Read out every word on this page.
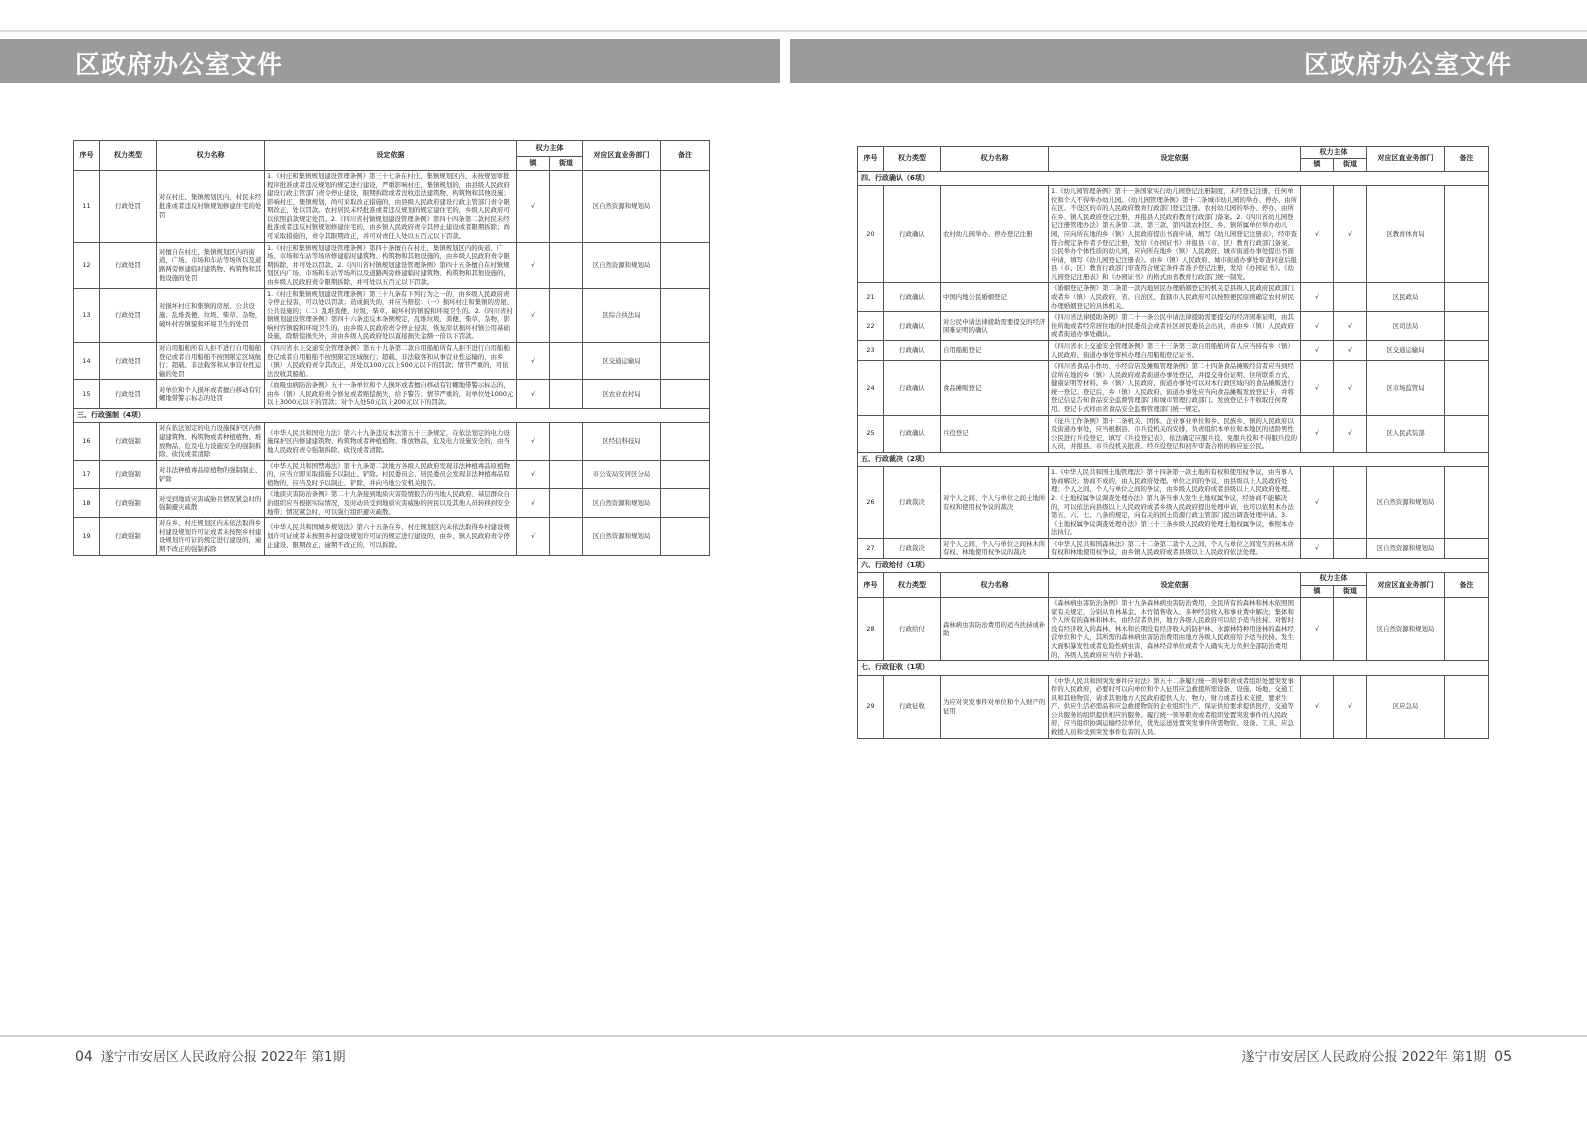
区政府办公室文件	区政府办公室文件
序号	权力类型	权力名称	设定依据	权力主体		对应区直业务部门	备注
				镇	街道		
11	行政处罚	对在村庄、集镇规划区内，村民未经批准或者违反村镇规划修建住宅的处罚	1.《村庄和集镇规划建设管理条例》第三十七条在村庄、集镇规划区内，未按规划审批程序批准或者违反规划的规定进行建设，严重影响村庄、集镇规划的，由县级人民政府建设行政主管部门责令停止建设，限期拆除或者没收违法建筑物、构筑物和其他设施；影响村庄、集镇规划，尚可采取改正措施的，由县级人民政府建设行政主管部门责令限期改正，处以罚款。农村居民未经批准或者违反规划的规定建住宅的，乡级人民政府可以依照前款规定处罚。2.《四川省村镇规划建设管理条例》第四十四条第二款村民未经批准或者违反村镇规划修建住宅的，由乡镇人民政府责令其停止建设或者限期拆除；尚可采取措施的，责令其限期改正，并可对责任人处以五百元以下罚款。	√		区自然资源和规划局	
12	行政处罚	对擅自在村庄、集镇规划区内的街道、广场、市场和车站等场所以及道路两旁修建临时建筑物、构筑物和其他设施的处罚	1.《村庄和集镇规划建设管理条例》第四十条擅自在村庄、集镇规划区内的街道、广场、市场和车站等场所修建临时建筑物、构筑物和其他设施的，由乡级人民政府责令限期拆除，并可处以罚款。2.《四川省村镇规划建设管理条例》第四十五条擅自在村镇规划区内广场、市场和车站等场所以及道路两旁修建临时建筑物、构筑物和其他设施的，由乡级人民政府责令限期拆除，并可处以五百元以下罚款。	√		区自然资源和规划局	
13	行政处罚	对损坏村庄和集镇的房屋、公共设施；乱堆粪便、垃圾、柴草、杂物，破坏村容镇貌和环境卫生的处罚	1.《村庄和集镇规划建设管理条例》第三十九条有下列行为之一的，由乡级人民政府责令停止侵害，可以处以罚款；造成损失的，并应当赔偿：（一）损坏村庄和集镇的房屋、公共设施的；（二）乱堆粪便、垃圾、柴草，破坏村容镇貌和环境卫生的。2.《四川省村镇规划建设管理条例》第四十六条违反本条例规定，乱堆垃圾、粪便、柴草、杂物，影响村容镇貌和环境卫生的，由乡级人民政府责令停止侵害，恢复原状损坏村镇公用基础设施，除赔偿损失外，并由乡级人民政府处以直接损失金额一倍以下罚款。	√		区综合执法局	
14	行政处罚	对自用船舶所有人拒不进行自用船舶登记或者自用船舶不按照限定区域航行；超载、非法载客和从事营业性运输的处罚	《四川省水上交通安全管理条例》第五十九条第二款自用船舶所有人拒不进行自用船舶登记或者自用船舶不按照限定区域航行；超载、非法载客和从事营业性运输的，由乡（镇）人民政府责令其改正，并处以100元以上500元以下的罚款；情节严重的，可依法没收其船舶。	√		区交通运输局	
15	行政处罚	对单位和个人损坏或者擅自移动有钉螺地带警示标志的处罚	《血吸虫病防治条例》五十一条单位和个人损坏或者擅自移动有钉螺地带警示标志的，由乡（镇）人民政府责令修复或者赔偿损失，给予警告；情节严重的，对单位处1000元以上3000元以下的罚款；对个人处50元以上200元以下的罚款。	√		区农业农村局	
三、行政强制（4项）							
16	行政强制	对在依法划定的电力设施保护区内修建建筑物、构筑物或者种植植物、堆放物品，危及电力设施安全的强制拆除、砍伐或者清除	《中华人民共和国电力法》第六十九条违反本法第五十三条规定，在依法划定的电力设施保护区内修建建筑物、构筑物或者种植植物、堆放物品，危及电力设施安全的，由当地人民政府责令强制拆除、砍伐或者清除。	√		区经信科技局	
17	行政强制	对非法种植毒品原植物的强制制止、铲除	《中华人民共和国禁毒法》第十九条第二款地方各级人民政府发现非法种植毒品原植物的，应当立即采取措施予以制止、铲除。村民委员会、居民委员会发现非法种植毒品原植物的，应当及时予以制止、铲除，并向当地公安机关报告。	√		市公安局安居区分局	
18	行政强制	对受到地质灾害威胁且情况紧急时的强制避灾疏散	《地质灾害防治条例》第二十九条接到地质灾害险情报告的当地人民政府、基层群众自治组织应当根据实际情况，及时动员受到地质灾害威胁的居民以及其他人员转移到安全地带；情况紧急时，可以强行组织避灾疏散。	√		区自然资源和规划局	
19	行政强制	对在乡、村庄规划区内未依法取得乡村建设规划许可证或者未按照乡村建设规划许可证的规定进行建设的，逾期不改正的强制拆除	《中华人民共和国城乡规划法》第六十五条在乡、村庄规划区内未依法取得乡村建设规划许可证或者未按照乡村建设规划许可证的规定进行建设的，由乡、镇人民政府责令停止建设、限期改正；逾期不改正的，可以拆除。	√		区自然资源和规划局	
序号	权力类型	权力名称	设定依据	权力主体		对应区直业务部门	备注
				镇	街道		
四、行政确认（6项）							
20	行政确认	农村幼儿园举办、停办登记注册	1.《幼儿园管理条例》第十一条国家实行幼儿园登记注册制度，未经登记注册，任何单位和个人不得举办幼儿园。《幼儿园管理条例》第十二条城市幼儿园的举办、停办、由所在区、不设区的市的人民政府教育行政部门登记注册。农村幼儿园的举办、停办，由所在乡、镇人民政府登记注册，并报县人民政府教育行政部门备案。2.《四川省幼儿园登记注册管理办法》第五条第二款、第三款、第四款农村区、乡、镇所属单位举办幼儿园，应向所在地的乡（镇）人民政府提出书面申请，填写《幼儿园登记注册表》，经审查符合规定条件者予登记注册，发给《办园证书》并报县（市、区）教育行政部门备案。公民举办个体性质的幼儿园，应向所在地乡（镇）人民政府、城市街道办事处提出书面申请，填写《幼儿园登记注册表》。由乡（镇）人民政府、城市街道办事处审查同意后报县（市、区）教育行政部门审查符合规定条件者准予登记注册，发给《办园证书》。《幼儿园登记注册表》和《办园证书》的格式由省教育行政部门统一制发。	√	√	区教育体育局	
21	行政确认	中国内地公民婚姻登记	《婚姻登记条例》第二条第一款内地居民办理婚姻登记的机关是县级人民政府民政部门或者乡（镇）人民政府，省、自治区、直辖市人民政府可以按照便民原则确定农村居民办理婚姻登记的具体机关。	√		区民政局	
22	行政确认	对公民申请法律援助需要提交的经济困难证明的确认	《四川省法律援助条例》第二十一条公民申请法律援助需要提交的经济困难证明，由其住所地或者经常居住地的村民委员会或者社区居民委员会出具，并由乡（镇）人民政府或者街道办事处确认。	√	√	区司法局	
23	行政确认	自用船舶登记	《四川省水上交通安全管理条例》第三十三条第三款自用船舶所有人应当持有乡（镇）人民政府、街道办事处审核办理自用船舶登记证书。	√	√	区交通运输局	
24	行政确认	食品摊贩登记	《四川省食品小作坊、小经营店及摊贩管理条例》第二十四条食品摊贩经营者应当到经营所在地的乡（镇）人民政府或者街道办事处登记，并提交身份证明、住所联系方式、健康证明等材料。乡（镇）人民政府、街道办事处可以对本行政区域内的食品摊贩进行统一登记。登记后，乡（镇）人民政府、街道办事处应当向食品摊贩发放登记卡，并将登记信息告知食品安全监督管理部门和城市管理行政部门。发放登记卡不收取任何费用。登记卡式样由省食品安全监督管理部门统一规定。	√	√	区市场监管局	
25	行政确认	兵役登记	《征兵工作条例》第十二条机关、团体、企业事业单位和乡、民族乡、镇的人民政府以及街道办事处，应当根据县、市兵役机关的安排，负责组织本单位和本地区的适龄男性公民进行兵役登记，填写《兵役登记表》，依法确定应服兵役、免服兵役和不得服兵役的人员，并报县、市兵役机关批准。经兵役登记和初步审查合格的称应征公民。	√	√	区人民武装部	
五、行政裁决（2项）							
26	行政裁决	对个人之间、个人与单位之间土地所有权和使用权争议的裁决	1.《中华人民共和国土地管理法》第十四条第一款土地所有权和使用权争议，由当事人协商解决；协商不成的，由人民政府处理。单位之间的争议，由县级以上人民政府处理；个人之间、个人与单位之间的争议，由乡级人民政府或者县级以上人民政府处理。2.《土地权属争议调查处理办法》第九条当事人发生土地权属争议，经协商不能解决的，可以依法向县级以上人民政府或者乡级人民政府提出处理申请，也可以依照本办法第五、六、七、八条的规定，向有关的国土资源行政主管部门提出调查处理申请。3.《土地权属争议调查处理办法》第三十三条乡级人民政府处理土地权属争议，参照本办法执行。	√		区自然资源和规划局	
27	行政裁决	对个人之间、个人与单位之间林木所有权、林地使用权争议的裁决	《中华人民共和国森林法》第二十二条第二款个人之间、个人与单位之间发生的林木所有权和林地使用权争议，由乡镇人民政府或者县级以上人民政府依法处理。	√		区自然资源和规划局	
六、行政给付（1项）							
序号	权力类型	权力名称	设定依据	权力主体		对应区直业务部门	备注
				镇	街道		
28	行政给付	森林病虫害防治费用的适当扶持或补助	《森林病虫害防治条例》第十九条森林病虫害防治费用，全民所有的森林和林木依照国家有关规定，分别从育林基金、木竹销售收入、多种经营收入和事业费中解决；集体和个人所有的森林和林木，由经营者负担，地方各级人民政府可以给予适当扶持。对暂时没有经济收入的森林、林木和长期没有经济收入的防护林、水源林特种用途林的森林经营单位和个人，其所需的森林病虫害防治费用由地方各级人民政府给予适当扶持。发生大面积暴发性或者危险性病虫害，森林经营单位或者个人确实无力负担全部防治费用的，各级人民政府应当给予补助。	√		区自然资源和规划局	
七、行政征收（1项）							
29	行政征收	为应对突发事件对单位和个人财产的征用	《中华人民共和国突发事件应对法》第五十二条履行统一领导职责或者组织处置突发事件的人民政府，必要时可以向单位和个人征用应急救援所需设备、设施、场地、交通工具和其他物资，请求其他地方人民政府提供人力、物力、财力或者技术支援，要求生产、供应生活必需品和应急救援物资的企业组织生产、保证供给要求提供医疗、交通等公共服务的组织提供相应的服务。履行统一领导职责或者组织处置突发事件的人民政府，应当组织协调运输经营单位，优先运送处置突发事件所需物资、设备、工具、应急救援人员和受到突发事件危害的人员。	√	√	区应急局	
04 遂宁市安居区人民政府公报 2022年 第1期	遂宁市安居区人民政府公报 2022年 第1期 05
